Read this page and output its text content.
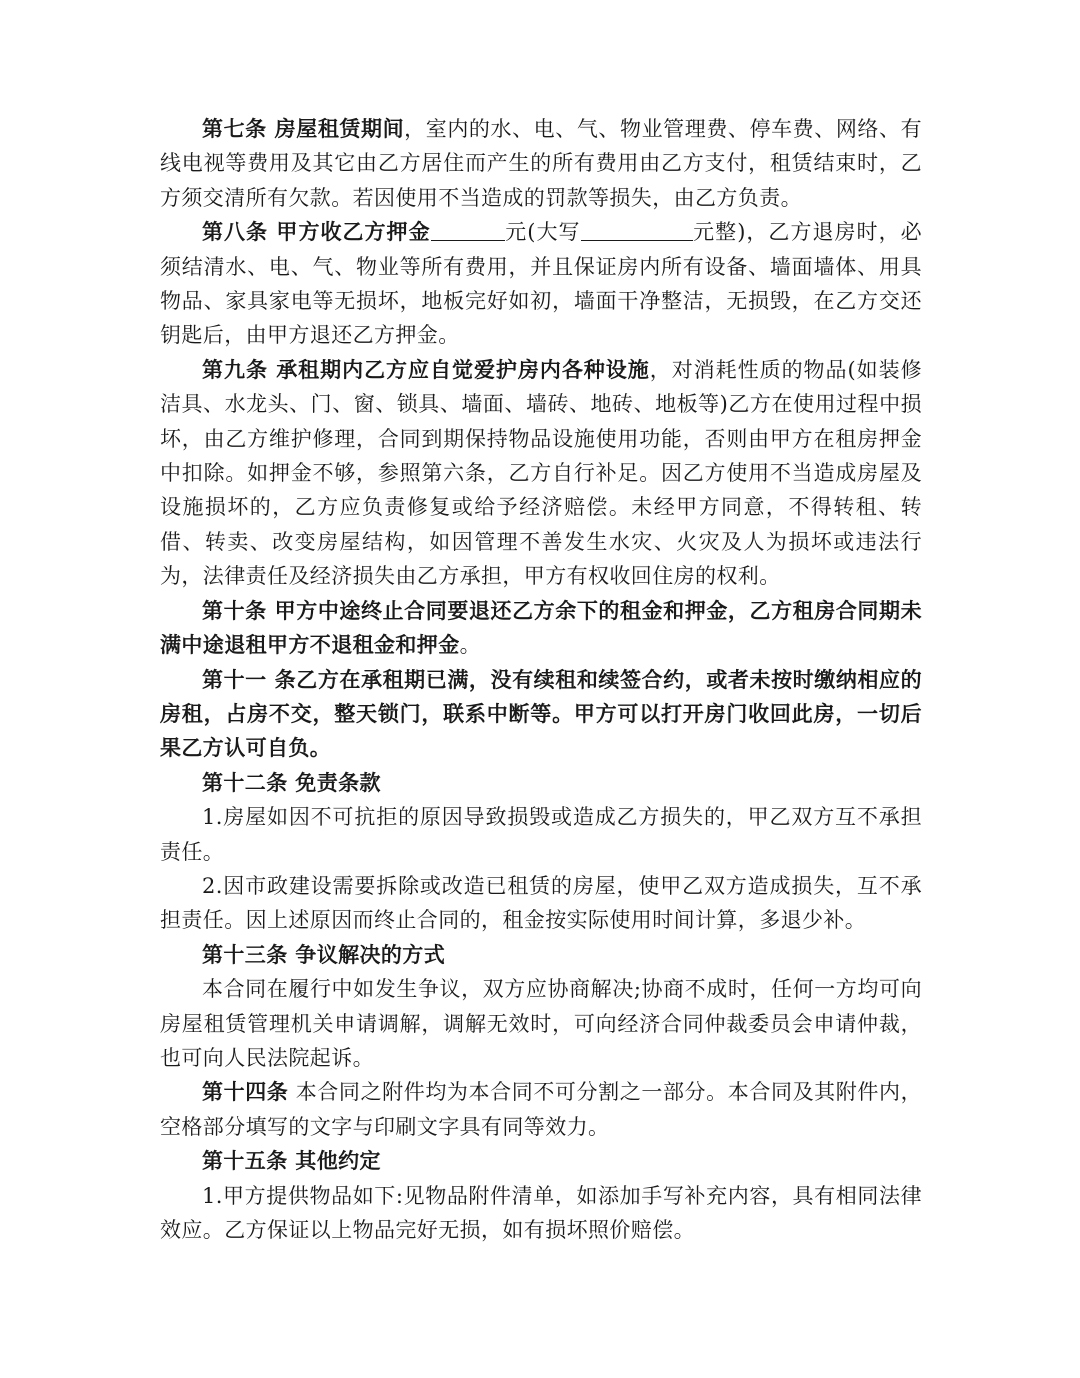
第七条 房屋租赁期间，室内的水、电、气、物业管理费、停车费、网络、有线电视等费用及其它由乙方居住而产生的所有费用由乙方支付，租赁结束时，乙方须交清所有欠款。若因使用不当造成的罚款等损失，由乙方负责。

第八条 甲方收乙方押金	元(大写	元整)，乙方退房时，必须结清水、电、气、物业等所有费用，并且保证房内所有设备、墙面墙体、用具物品、家具家电等无损坏，地板完好如初，墙面干净整洁，无损毁，在乙方交还钥匙后，由甲方退还乙方押金。

第九条 承租期内乙方应自觉爱护房内各种设施，对消耗性质的物品(如装修洁具、水龙头、门、窗、锁具、墙面、墙砖、地砖、地板等)乙方在使用过程中损坏，由乙方维护修理，合同到期保持物品设施使用功能，否则由甲方在租房押金中扣除。如押金不够，参照第六条，乙方自行补足。因乙方使用不当造成房屋及设施损坏的，乙方应负责修复或给予经济赔偿。未经甲方同意，不得转租、转借、转卖、改变房屋结构，如因管理不善发生水灾、火灾及人为损坏或违法行为，法律责任及经济损失由乙方承担，甲方有权收回住房的权利。

第十条 甲方中途终止合同要退还乙方余下的租金和押金，乙方租房合同期未满中途退租甲方不退租金和押金。

第十一 条乙方在承租期已满，没有续租和续签合约，或者未按时缴纳相应的房租，占房不交，整天锁门，联系中断等。甲方可以打开房门收回此房，一切后果乙方认可自负。

第十二条 免责条款

1.房屋如因不可抗拒的原因导致损毁或造成乙方损失的，甲乙双方互不承担责任。

2.因市政建设需要拆除或改造已租赁的房屋，使甲乙双方造成损失，互不承担责任。因上述原因而终止合同的，租金按实际使用时间计算，多退少补。

第十三条 争议解决的方式

本合同在履行中如发生争议，双方应协商解决;协商不成时，任何一方均可向房屋租赁管理机关申请调解，调解无效时，可向经济合同仲裁委员会申请仲裁，也可向人民法院起诉。

第十四条 本合同之附件均为本合同不可分割之一部分。本合同及其附件内，空格部分填写的文字与印刷文字具有同等效力。

第十五条 其他约定

1.甲方提供物品如下:见物品附件清单，如添加手写补充内容，具有相同法律效应。乙方保证以上物品完好无损，如有损坏照价赔偿。
